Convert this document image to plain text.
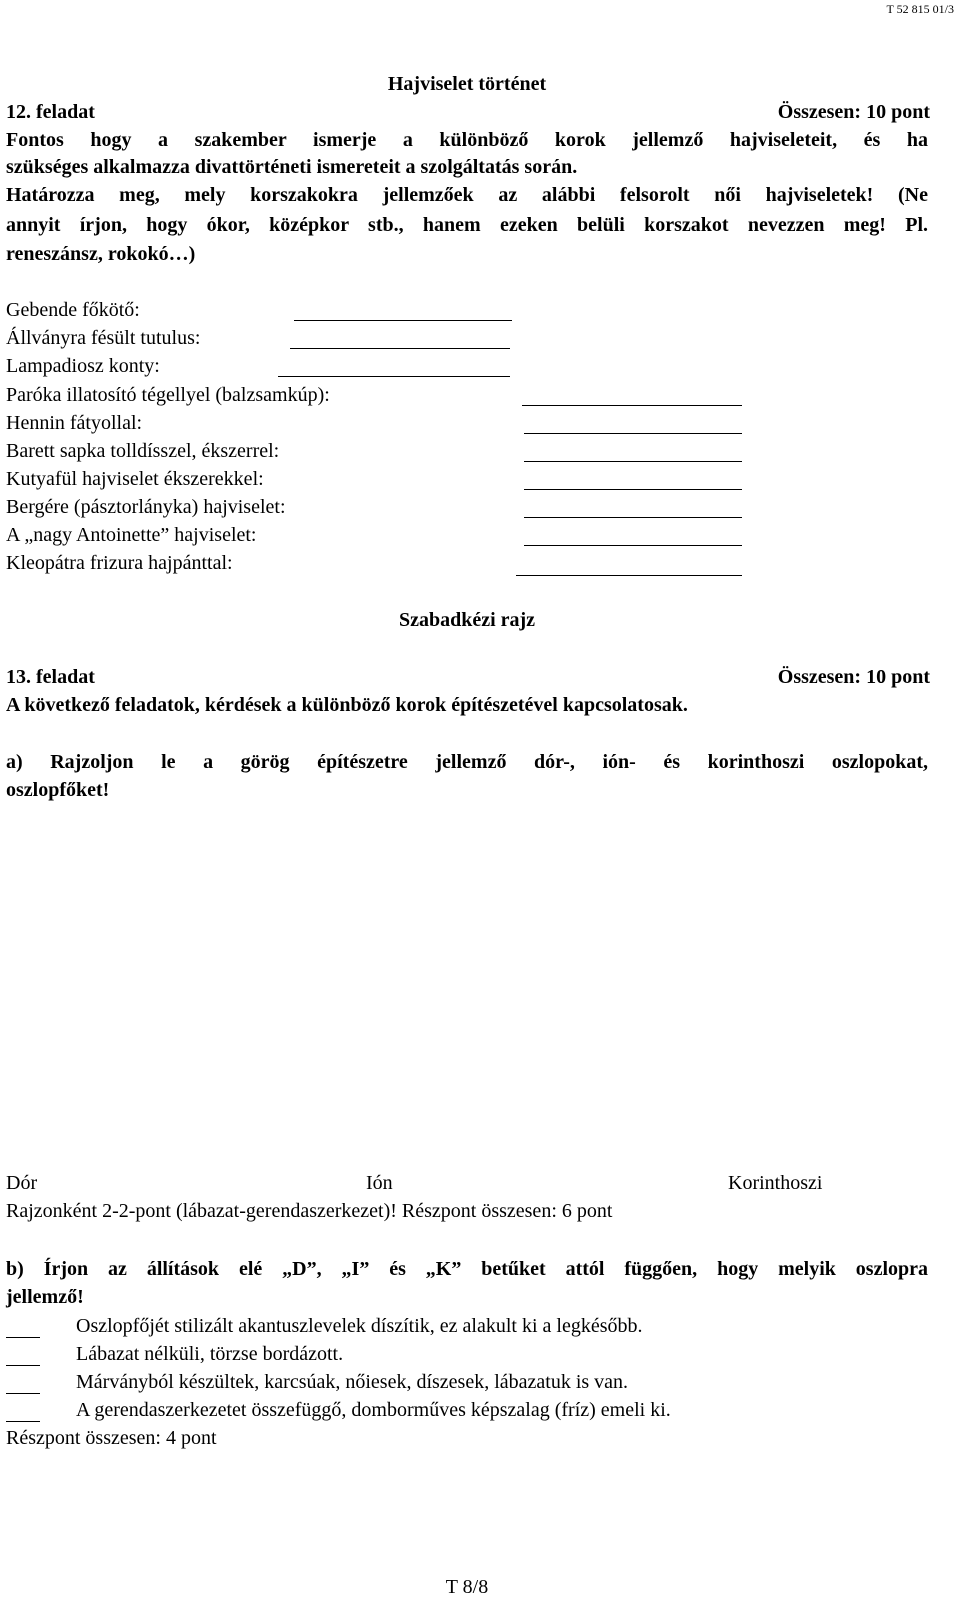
T 52 815 01/3
Hajviselet történet
12. feladat	Összesen: 10 pont
Fontos hogy a szakember ismerje a különböző korok jellemző hajviseleteit, és ha
szükséges alkalmazza divattörténeti ismereteit a szolgáltatás során.
Határozza meg, mely korszakokra jellemzőek az alábbi felsorolt női hajviseletek! (Ne
annyit írjon, hogy ókor, középkor stb., hanem ezeken belüli korszakot nevezzen meg! Pl.
reneszánsz, rokokó…)
Gebende főkötő:
Állványra fésült tutulus:
Lampadiosz konty:
Paróka illatosító tégellyel (balzsamkúp):
Hennin fátyollal:
Barett sapka tolldísszel, ékszerrel:
Kutyafül hajviselet ékszerekkel:
Bergére (pásztorlányka) hajviselet:
A „nagy Antoinette” hajviselet:
Kleopátra frizura hajpánttal:
Szabadkézi rajz
13. feladat	Összesen: 10 pont
A következő feladatok, kérdések a különböző korok építészetével kapcsolatosak.
a) Rajzoljon le a görög építészetre jellemző dór-, ión- és korinthoszi oszlopokat,
oszlopfőket!
Dór	Ión	Korinthoszi
Rajzonként 2-2-pont (lábazat-gerendaszerkezet)! Részpont összesen: 6 pont
b) Írjon az állítások elé „D”, „I” és „K” betűket attól függően, hogy melyik oszlopra
jellemző!
Oszlopfőjét stilizált akantuszlevelek díszítik, ez alakult ki a legkésőbb.
Lábazat nélküli, törzse bordázott.
Márványból készültek, karcsúak, nőiesek, díszesek, lábazatuk is van.
A gerendaszerkezetet összefüggő, domborműves képszalag (fríz) emeli ki.
Részpont összesen: 4 pont
T 8/8
